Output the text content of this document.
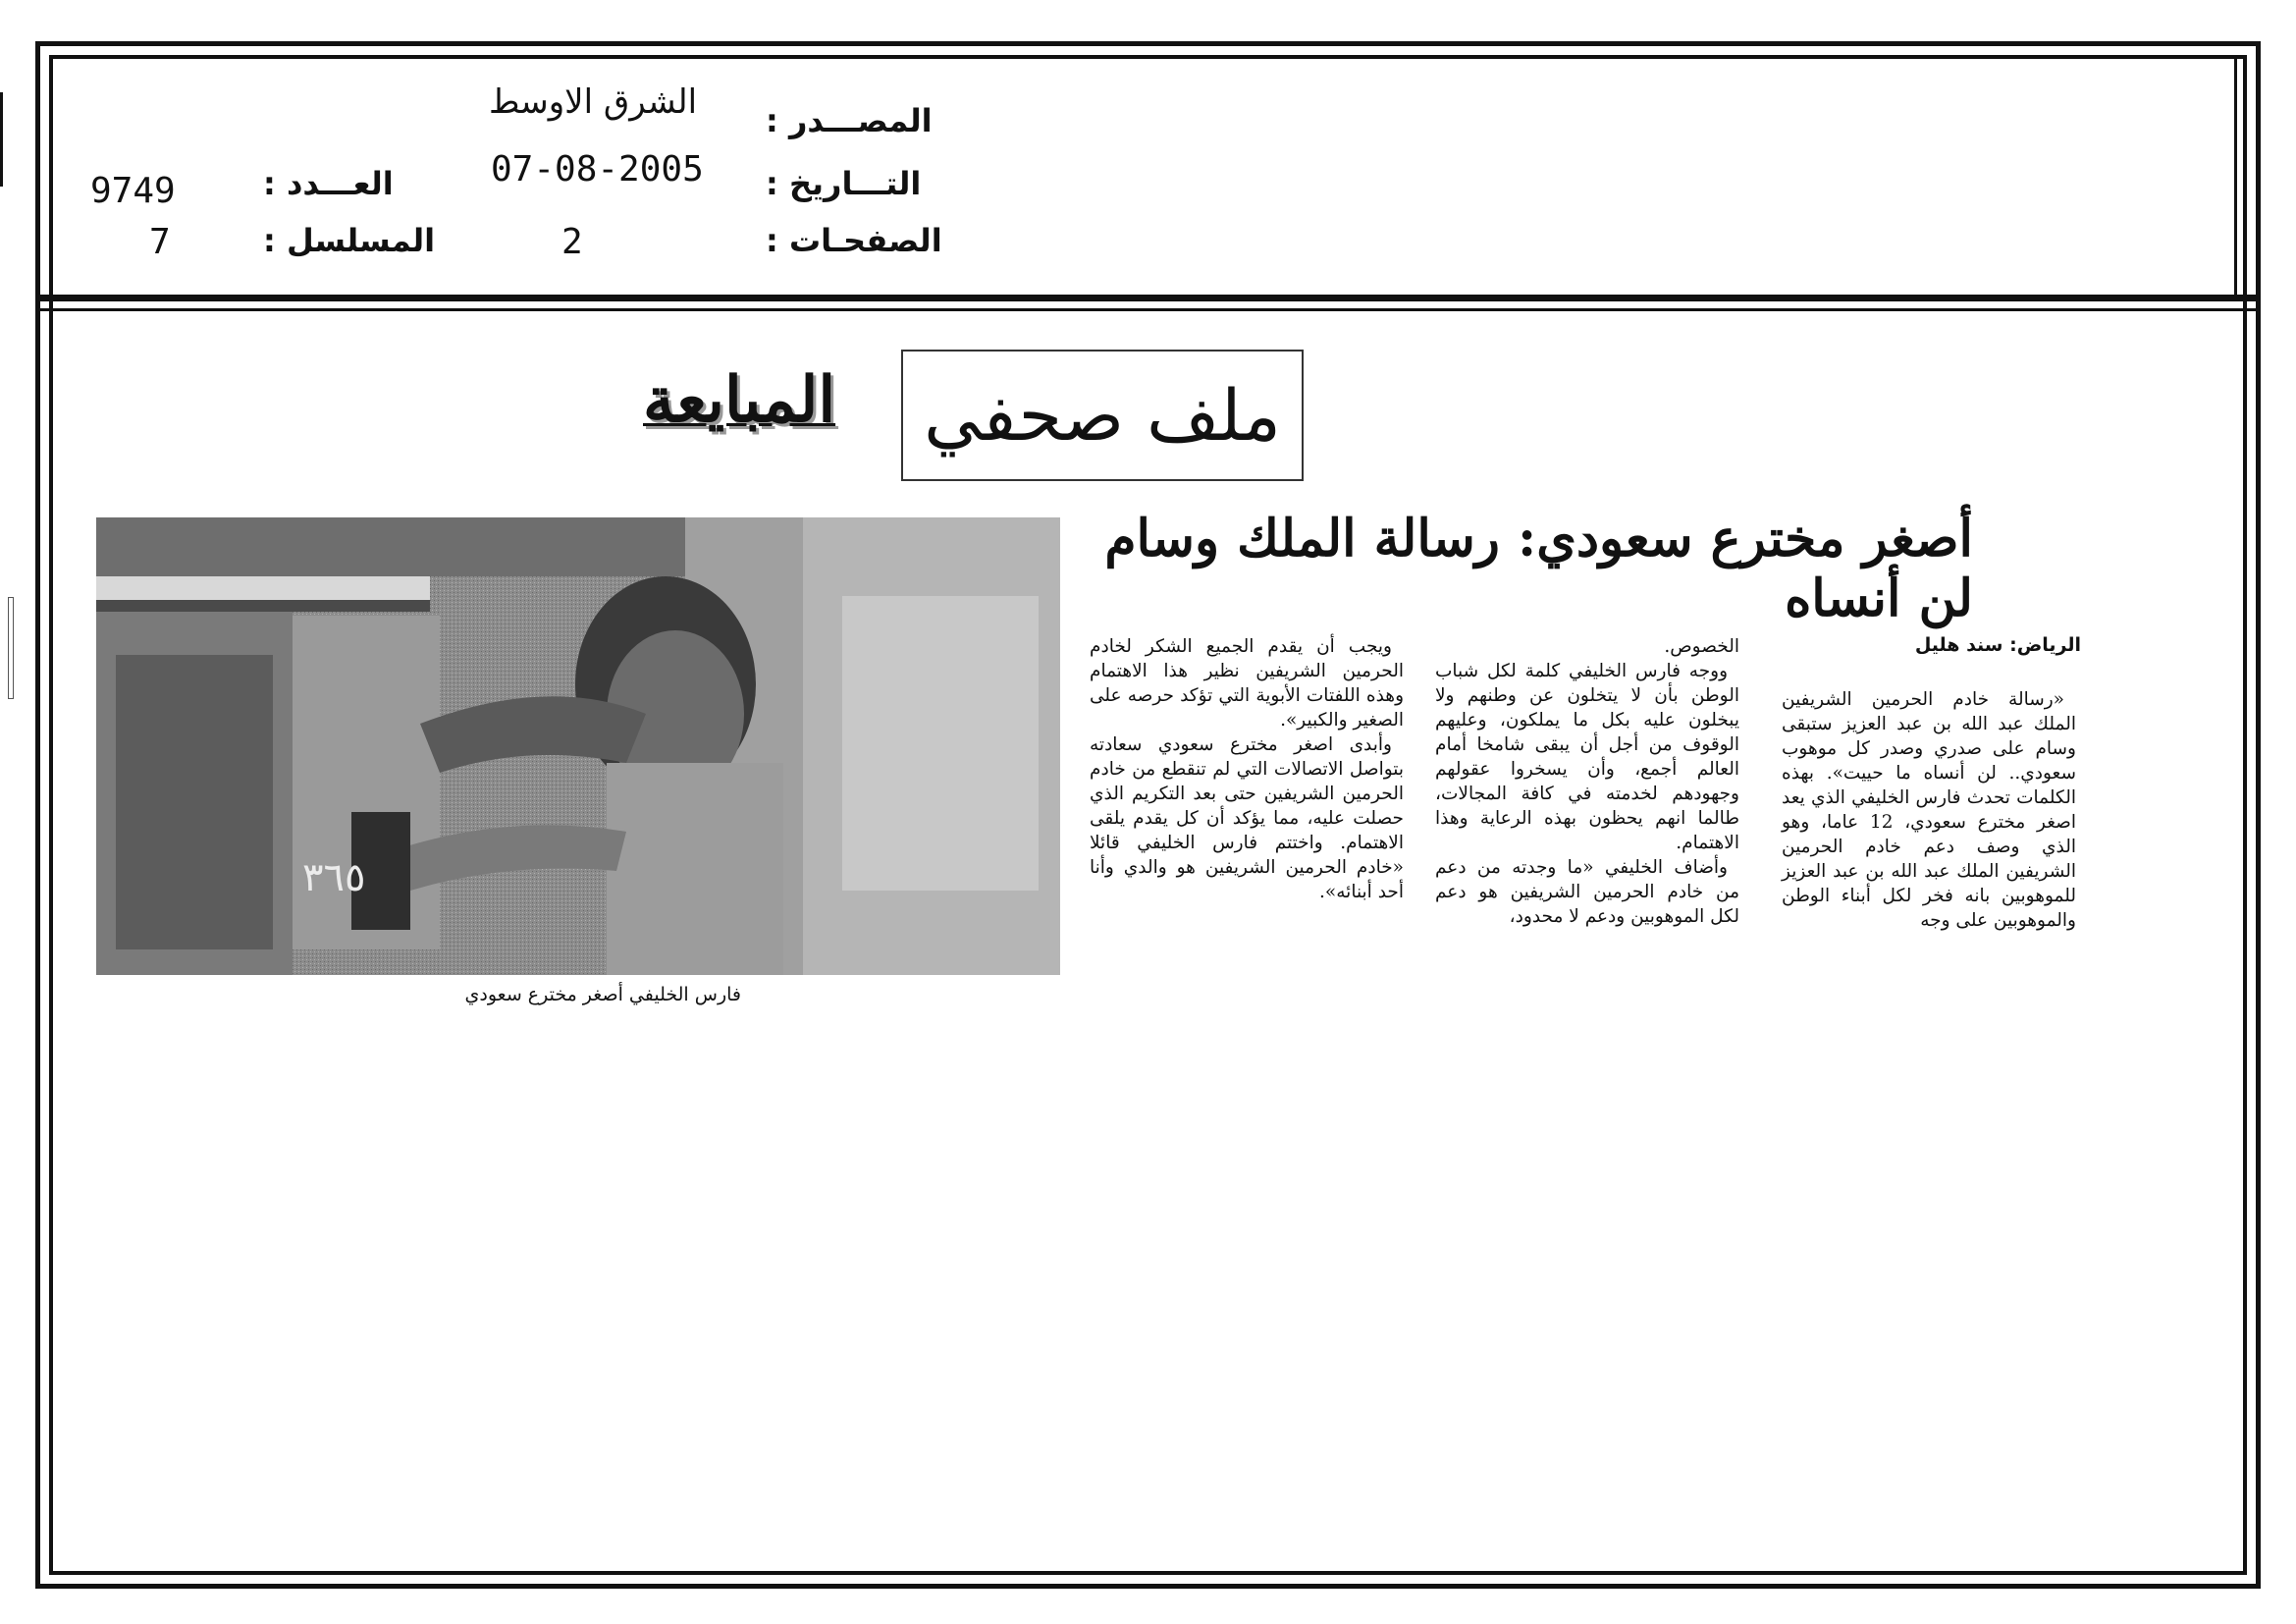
المصـــدر :
الشرق الاوسط
التـــاريخ :
07-08-2005
الصفحـات :
2
العـــدد :
9749
المسلسل :
7
ملف صحفي
المبايعة
أصغر مخترع سعودي: رسالة الملك وسام لن أنساه
الرياض: سند هليل

«رسالة خادم الحرمين الشريفين الملك عبد الله بن عبد العزيز ستبقى وسام على صدري وصدر كل موهوب سعودي.. لن أنساه ما حييت». بهذه الكلمات تحدث فارس الخليفي الذي يعد اصغر مخترع سعودي، 12 عاما، وهو الذي وصف دعم خادم الحرمين الشريفين الملك عبد الله بن عبد العزيز للموهوبين بانه فخر لكل أبناء الوطن والموهوبين على وجه

الخصوص.

ووجه فارس الخليفي كلمة لكل شباب الوطن بأن لا يتخلون عن وطنهم ولا يبخلون عليه بكل ما يملكون، وعليهم الوقوف من أجل أن يبقى شامخا أمام العالم أجمع، وأن يسخروا عقولهم وجهودهم لخدمته في كافة المجالات، طالما انهم يحظون بهذه الرعاية وهذا الاهتمام.

وأضاف الخليفي «ما وجدته من دعم من خادم الحرمين الشريفين هو دعم لكل الموهوبين ودعم لا محدود،

ويجب أن يقدم الجميع الشكر لخادم الحرمين الشريفين نظير هذا الاهتمام وهذه اللفتات الأبوية التي تؤكد حرصه على الصغير والكبير».

وأبدى اصغر مخترع سعودي سعادته بتواصل الاتصالات التي لم تنقطع من خادم الحرمين الشريفين حتى بعد التكريم الذي حصلت عليه، مما يؤكد أن كل يقدم يلقى الاهتمام. واختتم فارس الخليفي قائلا «خادم الحرمين الشريفين هو والدي وأنا أحد أبنائه».

٣٦٥
فارس الخليفي أصغر مخترع سعودي
